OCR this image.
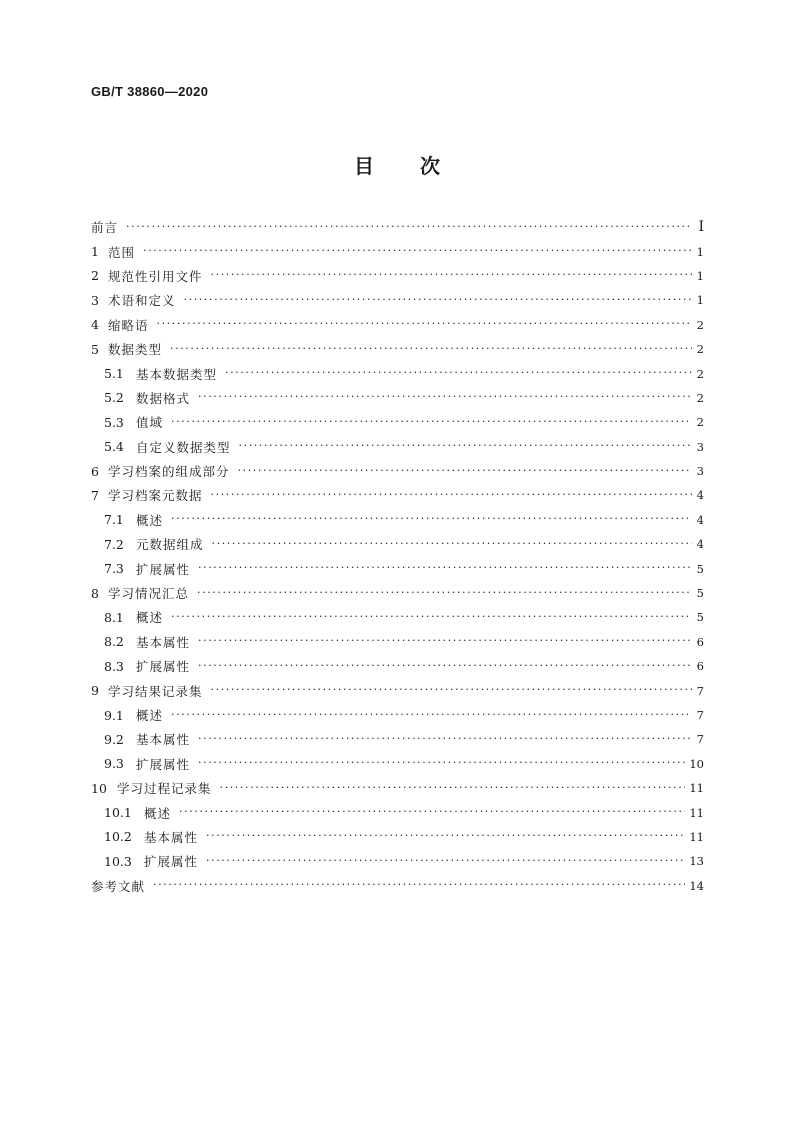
GB/T 38860—2020
目 次
前言 ·····	I
1 范围 ·····	1
2 规范性引用文件 ·····	1
3 术语和定义 ·····	1
4 缩略语 ·····	2
5 数据类型 ·····	2
5.1 基本数据类型 ·····	2
5.2 数据格式 ·····	2
5.3 值域 ·····	2
5.4 自定义数据类型 ·····	3
6 学习档案的组成部分 ·····	3
7 学习档案元数据 ·····	4
7.1 概述 ·····	4
7.2 元数据组成 ·····	4
7.3 扩展属性 ·····	5
8 学习情况汇总 ·····	5
8.1 概述 ·····	5
8.2 基本属性 ·····	6
8.3 扩展属性 ·····	6
9 学习结果记录集 ·····	7
9.1 概述 ·····	7
9.2 基本属性 ·····	7
9.3 扩展属性 ·····	10
10 学习过程记录集 ·····	11
10.1 概述 ·····	11
10.2 基本属性 ·····	11
10.3 扩展属性 ·····	13
参考文献 ·····	14
